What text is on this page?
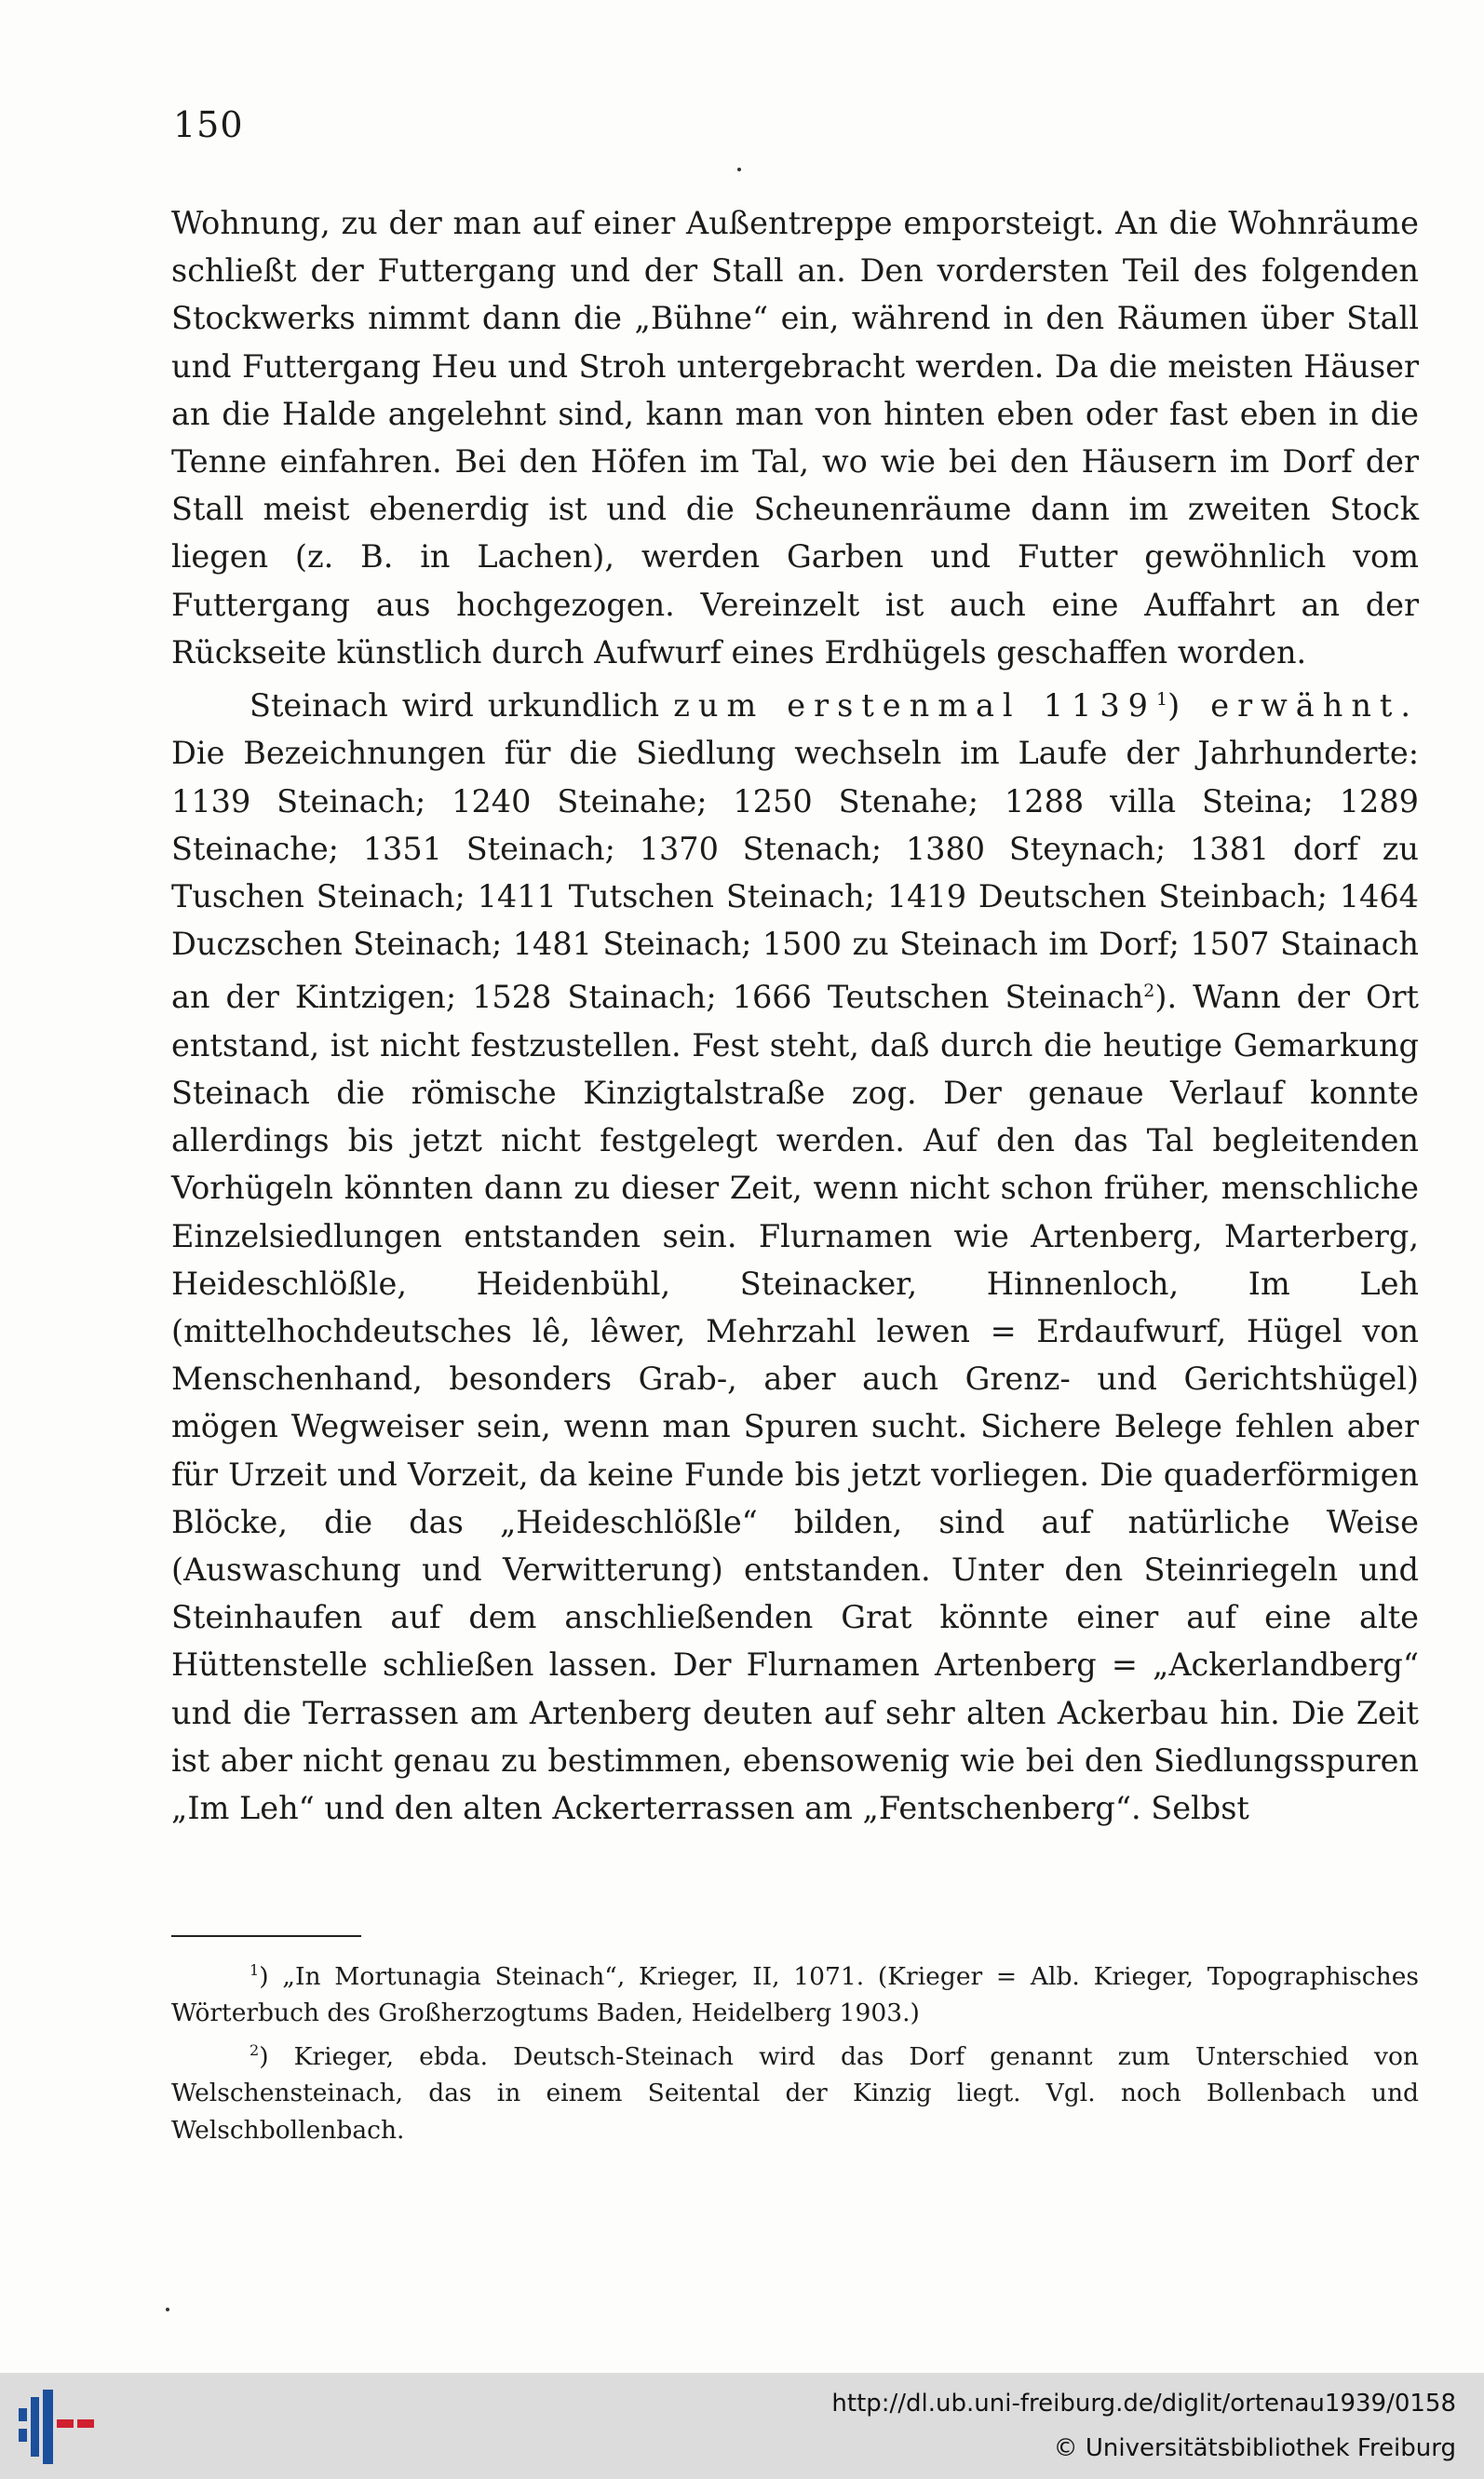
150

Wohnung, zu der man auf einer Außentreppe emporsteigt. An die Wohnräume schließt der Futtergang und der Stall an. Den vordersten Teil des folgenden Stockwerks nimmt dann die „Bühne“ ein, während in den Räumen über Stall und Futtergang Heu und Stroh untergebracht werden. Da die meisten Häuser an die Halde angelehnt sind, kann man von hinten eben oder fast eben in die Tenne einfahren. Bei den Höfen im Tal, wo wie bei den Häusern im Dorf der Stall meist ebenerdig ist und die Scheunenräume dann im zweiten Stock liegen (z. B. in Lachen), werden Garben und Futter gewöhnlich vom Futtergang aus hochgezogen. Vereinzelt ist auch eine Auffahrt an der Rückseite künstlich durch Aufwurf eines Erdhügels geschaffen worden.

Steinach wird urkundlich zum erstenmal 1139$^1$) erwähnt. Die Bezeichnungen für die Siedlung wechseln im Laufe der Jahrhunderte: 1139 Steinach; 1240 Steinahe; 1250 Stenahe; 1288 villa Steina; 1289 Steinache; 1351 Steinach; 1370 Stenach; 1380 Steynach; 1381 dorf zu Tuschen Steinach; 1411 Tutschen Steinach; 1419 Deutschen Steinbach; 1464 Duczschen Steinach; 1481 Steinach; 1500 zu Steinach im Dorf; 1507 Stainach an der Kintzigen; 1528 Stainach; 1666 Teutschen Steinach$^2$). Wann der Ort entstand, ist nicht festzustellen. Fest steht, daß durch die heutige Gemarkung Steinach die römische Kinzigtalstraße zog. Der genaue Verlauf konnte allerdings bis jetzt nicht festgelegt werden. Auf den das Tal begleitenden Vorhügeln könnten dann zu dieser Zeit, wenn nicht schon früher, menschliche Einzelsiedlungen entstanden sein. Flurnamen wie Artenberg, Marterberg, Heideschlößle, Heidenbühl, Steinacker, Hinnenloch, Im Leh (mittelhochdeutsches lê, lêwer, Mehrzahl lewen = Erdaufwurf, Hügel von Menschenhand, besonders Grab-, aber auch Grenz- und Gerichtshügel) mögen Wegweiser sein, wenn man Spuren sucht. Sichere Belege fehlen aber für Urzeit und Vorzeit, da keine Funde bis jetzt vorliegen. Die quaderförmigen Blöcke, die das „Heideschlößle“ bilden, sind auf natürliche Weise (Auswaschung und Verwitterung) entstanden. Unter den Steinriegeln und Steinhaufen auf dem anschließenden Grat könnte einer auf eine alte Hüttenstelle schließen lassen. Der Flurnamen Artenberg = „Ackerlandberg“ und die Terrassen am Artenberg deuten auf sehr alten Ackerbau hin. Die Zeit ist aber nicht genau zu bestimmen, ebensowenig wie bei den Siedlungsspuren „Im Leh“ und den alten Ackerterrassen am „Fentschenberg“. Selbst

$^1$) „In Mortunagia Steinach“, Krieger, II, 1071. (Krieger = Alb. Krieger, Topographisches Wörterbuch des Großherzogtums Baden, Heidelberg 1903.)

$^2$) Krieger, ebda. Deutsch-Steinach wird das Dorf genannt zum Unterschied von Welschensteinach, das in einem Seitental der Kinzig liegt. Vgl. noch Bollenbach und Welschbollenbach.

http://dl.ub.uni-freiburg.de/diglit/ortenau1939/0158
© Universitätsbibliothek Freiburg
